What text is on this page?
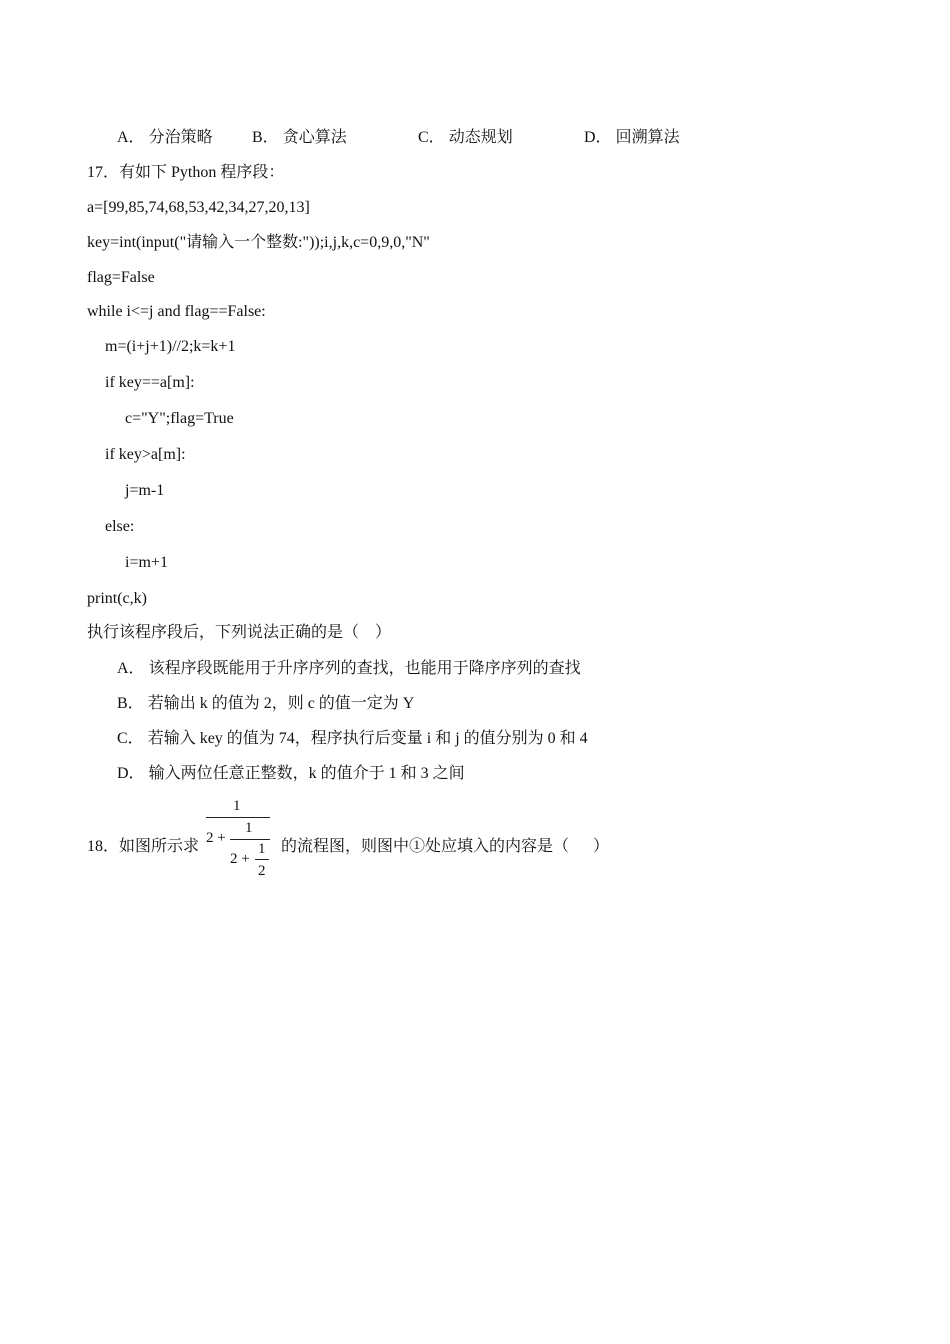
A． 分治策略 B． 贪心算法	C． 动态规划	D． 回溯算法
17．有如下 Python 程序段：
a=[99,85,74,68,53,42,34,27,20,13]
key=int(input("请输入一个整数:"));i,j,k,c=0,9,0,"N"
flag=False
while i<=j and flag==False:
m=(i+j+1)//2;k=k+1
if key==a[m]:
c="Y";flag=True
if key>a[m]:
j=m-1
else:
i=m+1
print(c,k)
执行该程序段后，下列说法正确的是（    ）
A． 该程序段既能用于升序序列的查找，也能用于降序序列的查找
B． 若输出 k 的值为 2，则 c 的值一定为 Y
C． 若输入 key 的值为 74，程序执行后变量 i 和 j 的值分别为 0 和 4
D． 输入两位任意正整数，k 的值介于 1 和 3 之间
18．如图所示求
1
2 +
1
2 +
1
2
的流程图，则图中①处应填入的内容是（      ）
